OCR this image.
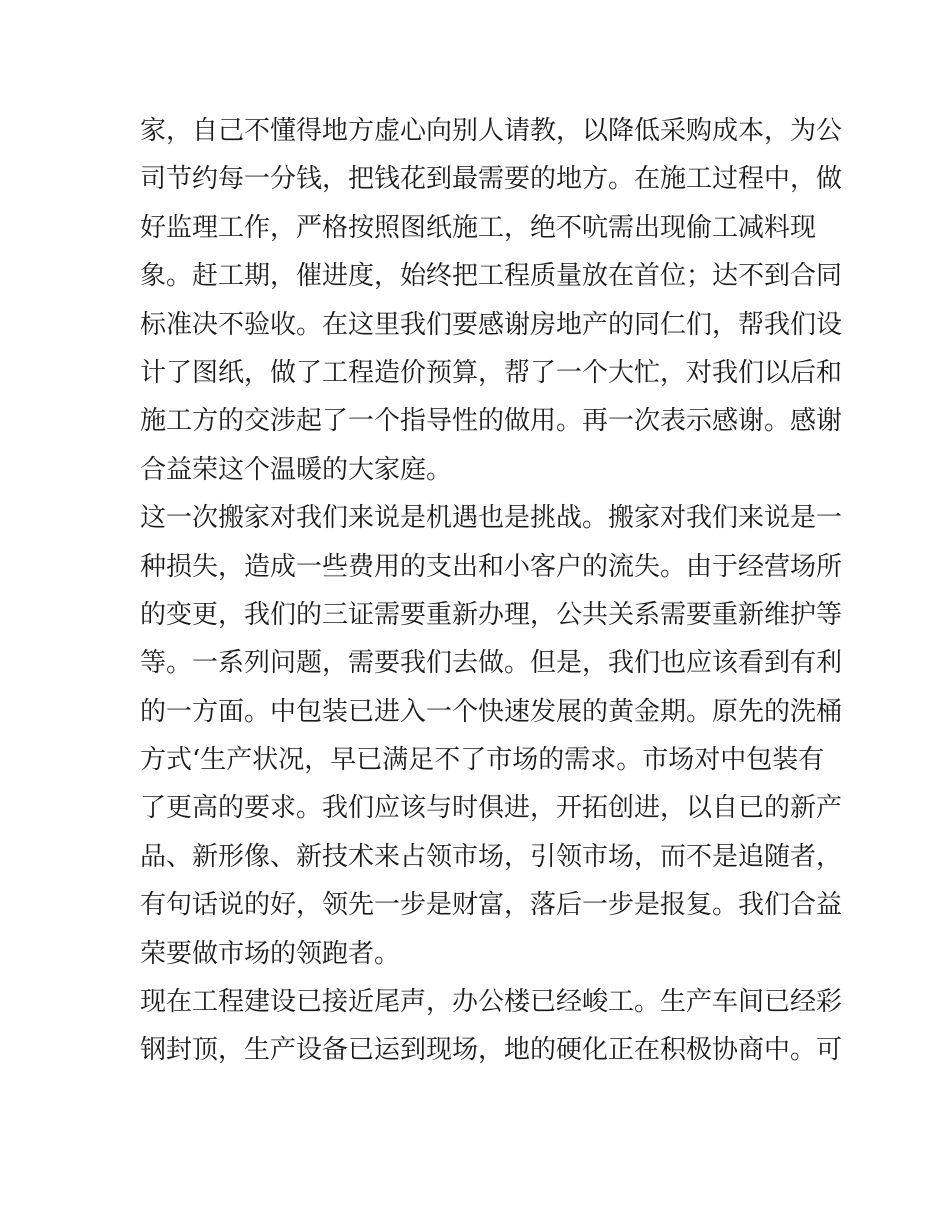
家，自己不懂得地方虚心向别人请教，以降低采购成本，为公
司节约每一分钱，把钱花到最需要的地方。在施工过程中，做
好监理工作，严格按照图纸施工，绝不吭需出现偷工减料现
象。赶工期，催进度，始终把工程质量放在首位；达不到合同
标准决不验收。在这里我们要感谢房地产的同仁们，帮我们设
计了图纸，做了工程造价预算，帮了一个大忙，对我们以后和
施工方的交涉起了一个指导性的做用。再一次表示感谢。感谢
合益荣这个温暖的大家庭。
这一次搬家对我们来说是机遇也是挑战。搬家对我们来说是一
种损失，造成一些费用的支出和小客户的流失。由于经营场所
的变更，我们的三证需要重新办理，公共关系需要重新维护等
等。一系列问题，需要我们去做。但是，我们也应该看到有利
的一方面。中包装已进入一个快速发展的黄金期。原先的洗桶
方式‘生产状况，早已满足不了市场的需求。市场对中包装有
了更高的要求。我们应该与时俱进，开拓创进，以自已的新产
品、新形像、新技术来占领市场，引领市场，而不是追随者，
有句话说的好，领先一步是财富，落后一步是报复。我们合益
荣要做市场的领跑者。
现在工程建设已接近尾声，办公楼已经峻工。生产车间已经彩
钢封顶，生产设备已运到现场，地的硬化正在积极协商中。可
